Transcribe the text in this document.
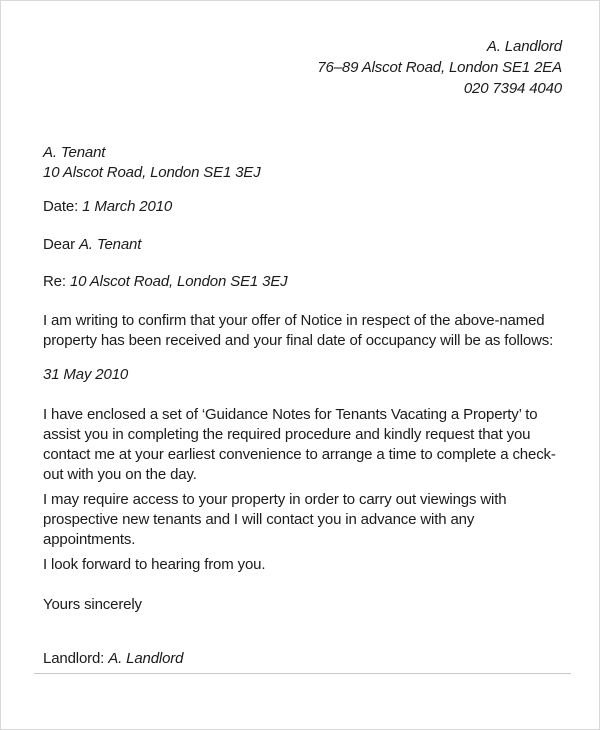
A. Landlord
76–89 Alscot Road, London SE1 2EA
020 7394 4040
A. Tenant
10 Alscot Road, London SE1 3EJ

Date: 1 March 2010

Dear A. Tenant

Re: 10 Alscot Road, London SE1 3EJ

I am writing to confirm that your offer of Notice in respect of the above-named property has been received and your final date of occupancy will be as follows:

31 May 2010

I have enclosed a set of ‘Guidance Notes for Tenants Vacating a Property’ to assist you in completing the required procedure and kindly request that you contact me at your earliest convenience to arrange a time to complete a check-out with you on the day.

I may require access to your property in order to carry out viewings with prospective new tenants and I will contact you in advance with any appointments.

I look forward to hearing from you.

Yours sincerely

Landlord: A. Landlord
